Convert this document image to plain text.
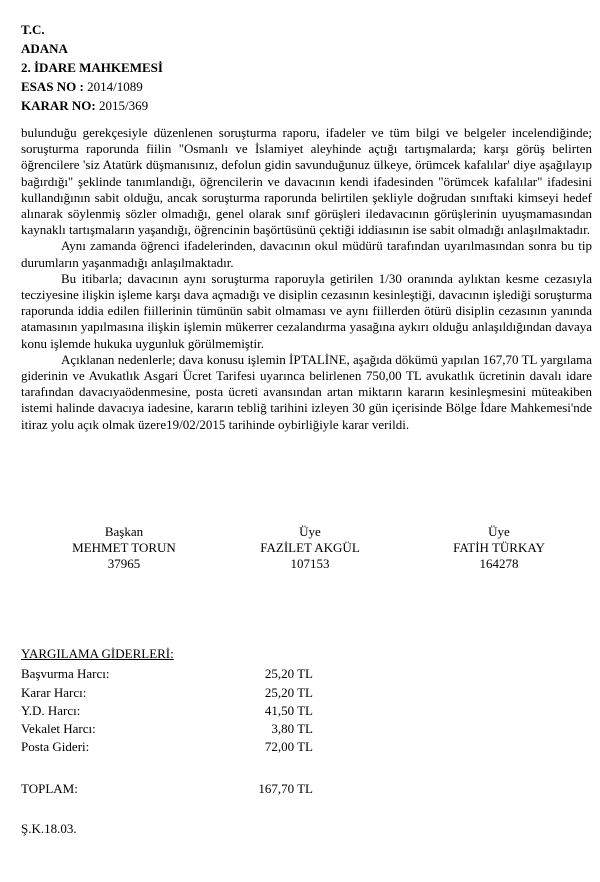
T.C.
ADANA
2. İDARE MAHKEMESİ
ESAS NO : 2014/1089
KARAR NO: 2015/369

bulunduğu gerekçesiyle düzenlenen soruşturma raporu, ifadeler ve tüm bilgi ve belgeler incelendiğinde; soruşturma raporunda fiilin "Osmanlı ve İslamiyet aleyhinde açtığı tartışmalarda; karşı görüş belirten öğrencilere 'siz Atatürk düşmanısınız, defolun gidin savunduğunuz ülkeye, örümcek kafalılar' diye aşağılayıp bağırdığı" şeklinde tanımlandığı, öğrencilerin ve davacının kendi ifadesinden "örümcek kafalılar" ifadesini kullandığının sabit olduğu, ancak soruşturma raporunda belirtilen şekliyle doğrudan sınıftaki kimseyi hedef alınarak söylenmiş sözler olmadığı, genel olarak sınıf görüşleri iledavacının görüşlerinin uyuşmamasından kaynaklı tartışmaların yaşandığı, öğrencinin başörtüsünü çektiği iddiasının ise sabit olmadığı anlaşılmaktadır.

Aynı zamanda öğrenci ifadelerinden, davacının okul müdürü tarafından uyarılmasından sonra bu tip durumların yaşanmadığı anlaşılmaktadır.

Bu itibarla; davacının aynı soruşturma raporuyla getirilen 1/30 oranında aylıktan kesme cezasıyla tecziyesine ilişkin işleme karşı dava açmadığı ve disiplin cezasının kesinleştiği, davacının işlediği soruşturma raporunda iddia edilen fiillerinin tümünün sabit olmaması ve aynı fiillerden ötürü disiplin cezasının yanında atamasının yapılmasına ilişkin işlemin mükerrer cezalandırma yasağına aykırı olduğu anlaşıldığından davaya konu işlemde hukuka uygunluk görülmemiştir.

Açıklanan nedenlerle; dava konusu işlemin İPTALİNE, aşağıda dökümü yapılan 167,70 TL yargılama giderinin ve Avukatlık Asgari Ücret Tarifesi uyarınca belirlenen 750,00 TL avukatlık ücretinin davalı idare tarafından davacıyaödenmesine, posta ücreti avansından artan miktarın kararın kesinleşmesini müteakiben istemi halinde davacıya iadesine, kararın tebliğ tarihini izleyen 30 gün içerisinde Bölge İdare Mahkemesi'nde itiraz yolu açık olmak üzere19/02/2015 tarihinde oybirliğiyle karar verildi.

Başkan
MEHMET TORUN
37965
Üye
FAZİLET AKGÜL
107153
Üye
FATİH TÜRKAY
164278
YARGILAMA GİDERLERİ:
Başvurma Harcı:	25,20 TL
Karar Harcı:	25,20 TL
Y.D. Harcı:	41,50 TL
Vekalet Harcı:	3,80 TL
Posta Gideri:	72,00 TL
TOPLAM:	167,70 TL
Ş.K.18.03.
